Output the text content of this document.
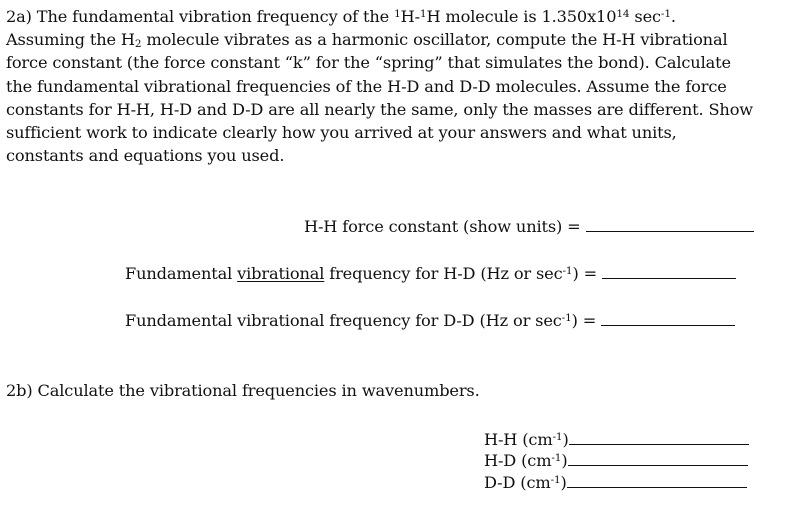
2a) The fundamental vibration frequency of the $^1$H-$^1$H molecule is $1.350x10^{14}$ $\sec^{-1}$.
Assuming the $H_2$ molecule vibrates as a harmonic oscillator, compute the H-H vibrational
force constant (the force constant “k” for the “spring” that simulates the bond). Calculate
the fundamental vibrational frequencies of the H-D and D-D molecules. Assume the force
constants for H-H, H-D and D-D are all nearly the same, only the masses are different. Show
sufficient work to indicate clearly how you arrived at your answers and what units,
constants and equations you used.
H-H force constant (show units) =
Fundamental vibrational frequency for H-D (Hz or $\sec^{-1}$) =
Fundamental vibrational frequency for D-D (Hz or $\sec^{-1}$) =
2b) Calculate the vibrational frequencies in wavenumbers.
H-H $(cm^{-1})$
H-D $(cm^{-1})$
D-D $(cm^{-1})$
